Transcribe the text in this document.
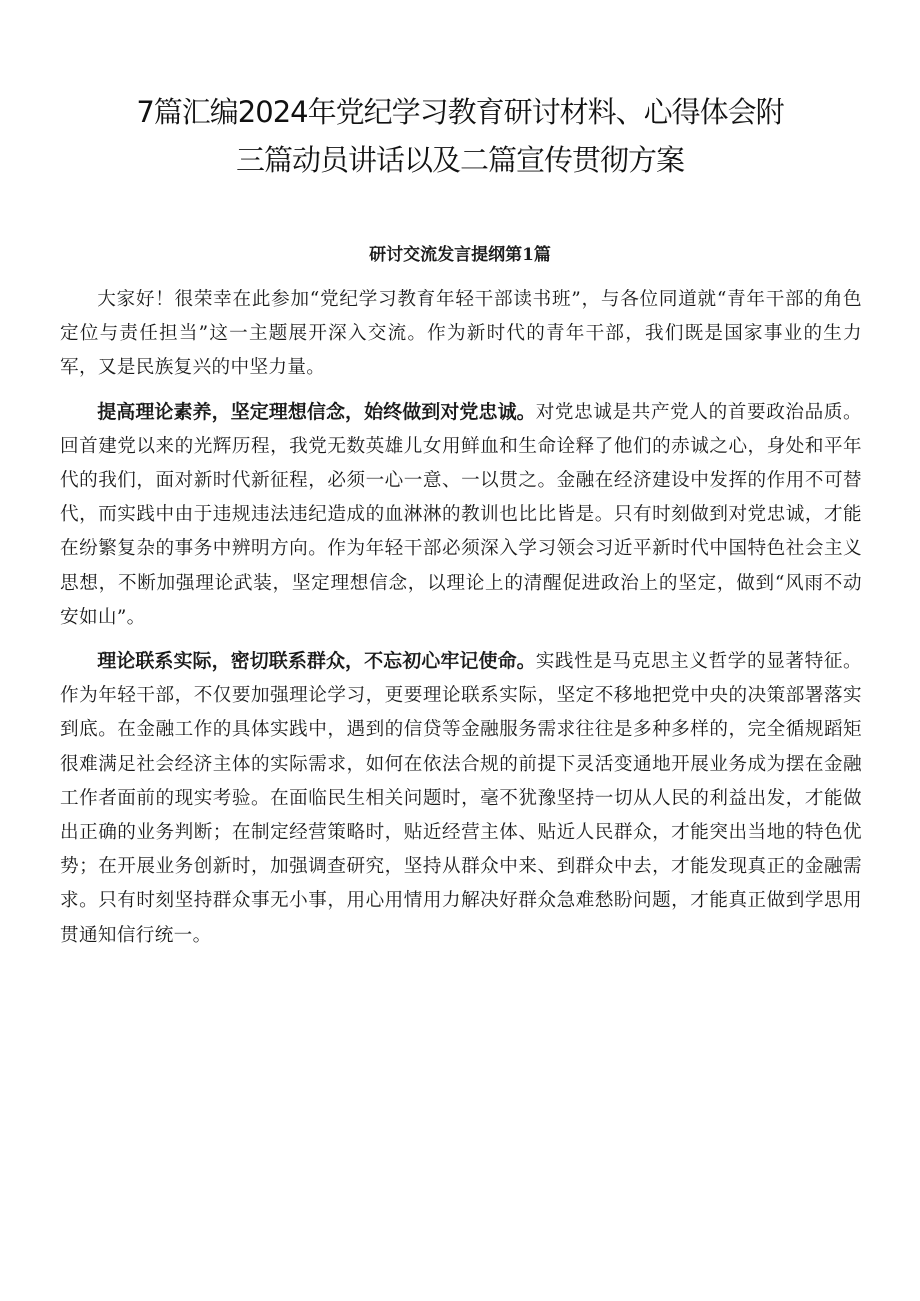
7篇汇编2024年党纪学习教育研讨材料、心得体会附
三篇动员讲话以及二篇宣传贯彻方案
研讨交流发言提纲第1篇

大家好！很荣幸在此参加“党纪学习教育年轻干部读书班”，与各位同道就“青年干部的角色定位与责任担当”这一主题展开深入交流。作为新时代的青年干部，我们既是国家事业的生力军，又是民族复兴的中坚力量。

提高理论素养，坚定理想信念，始终做到对党忠诚。对党忠诚是共产党人的首要政治品质。回首建党以来的光辉历程，我党无数英雄儿女用鲜血和生命诠释了他们的赤诚之心，身处和平年代的我们，面对新时代新征程，必须一心一意、一以贯之。金融在经济建设中发挥的作用不可替代，而实践中由于违规违法违纪造成的血淋淋的教训也比比皆是。只有时刻做到对党忠诚，才能在纷繁复杂的事务中辨明方向。作为年轻干部必须深入学习领会习近平新时代中国特色社会主义思想，不断加强理论武装，坚定理想信念，以理论上的清醒促进政治上的坚定，做到“风雨不动安如山”。

理论联系实际，密切联系群众，不忘初心牢记使命。实践性是马克思主义哲学的显著特征。作为年轻干部，不仅要加强理论学习，更要理论联系实际，坚定不移地把党中央的决策部署落实到底。在金融工作的具体实践中，遇到的信贷等金融服务需求往往是多种多样的，完全循规蹈矩很难满足社会经济主体的实际需求，如何在依法合规的前提下灵活变通地开展业务成为摆在金融工作者面前的现实考验。在面临民生相关问题时，毫不犹豫坚持一切从人民的利益出发，才能做出正确的业务判断；在制定经营策略时，贴近经营主体、贴近人民群众，才能突出当地的特色优势；在开展业务创新时，加强调查研究，坚持从群众中来、到群众中去，才能发现真正的金融需求。只有时刻坚持群众事无小事，用心用情用力解决好群众急难愁盼问题，才能真正做到学思用贯通知信行统一。
